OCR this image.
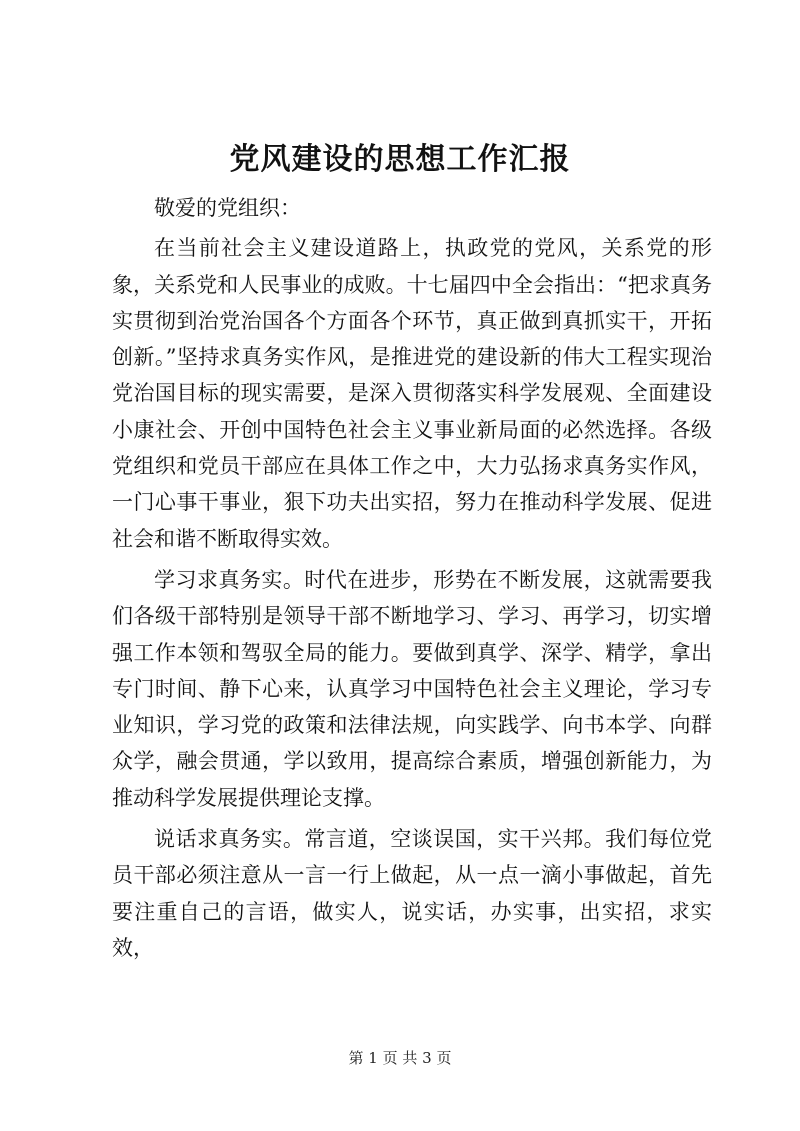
党风建设的思想工作汇报

敬爱的党组织：

在当前社会主义建设道路上，执政党的党风，关系党的形象，关系党和人民事业的成败。十七届四中全会指出：“把求真务实贯彻到治党治国各个方面各个环节，真正做到真抓实干，开拓创新。”坚持求真务实作风，是推进党的建设新的伟大工程实现治党治国目标的现实需要，是深入贯彻落实科学发展观、全面建设小康社会、开创中国特色社会主义事业新局面的必然选择。各级党组织和党员干部应在具体工作之中，大力弘扬求真务实作风，一门心事干事业，狠下功夫出实招，努力在推动科学发展、促进社会和谐不断取得实效。

学习求真务实。时代在进步，形势在不断发展，这就需要我们各级干部特别是领导干部不断地学习、学习、再学习，切实增强工作本领和驾驭全局的能力。要做到真学、深学、精学，拿出专门时间、静下心来，认真学习中国特色社会主义理论，学习专业知识，学习党的政策和法律法规，向实践学、向书本学、向群众学，融会贯通，学以致用，提高综合素质，增强创新能力，为推动科学发展提供理论支撑。

说话求真务实。常言道，空谈误国，实干兴邦。我们每位党员干部必须注意从一言一行上做起，从一点一滴小事做起，首先要注重自己的言语，做实人，说实话，办实事，出实招，求实效，

第 1 页 共 3 页
